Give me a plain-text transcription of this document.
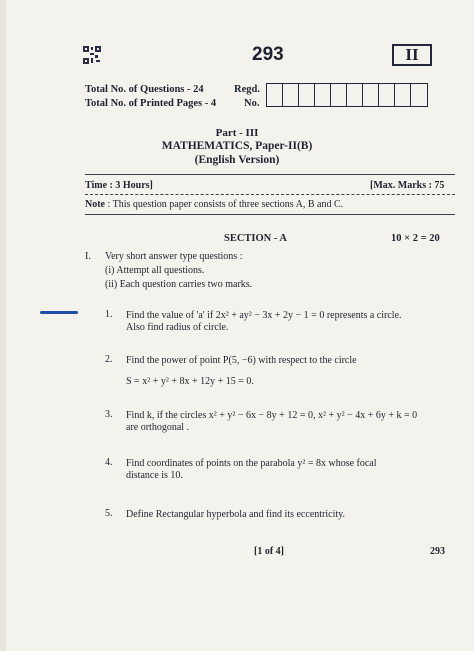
293	II
Total No. of Questions - 24	Regd.
Total No. of Printed Pages - 4	No.
Part - III
MATHEMATICS, Paper-II(B)
(English Version)
Time : 3 Hours]	[Max. Marks : 75
Note : This question paper consists of three sections A, B and C.
SECTION - A	10 × 2 = 20
I. Very short answer type questions :
(i) Attempt all questions.
(ii) Each question carries two marks.
1. Find the value of 'a' if 2x² + ay² − 3x + 2y − 1 = 0 represents a circle.
Also find radius of circle.
2. Find the power of point P(5, −6) with respect to the circle
S = x² + y² + 8x + 12y + 15 = 0.
3. Find k, if the circles x² + y² − 6x − 8y + 12 = 0, x² + y² − 4x + 6y + k = 0
are orthogonal .
4. Find coordinates of points on the parabola y² = 8x whose focal
distance is 10.
5. Define Rectangular hyperbola and find its eccentricity.
[1 of 4]	293
